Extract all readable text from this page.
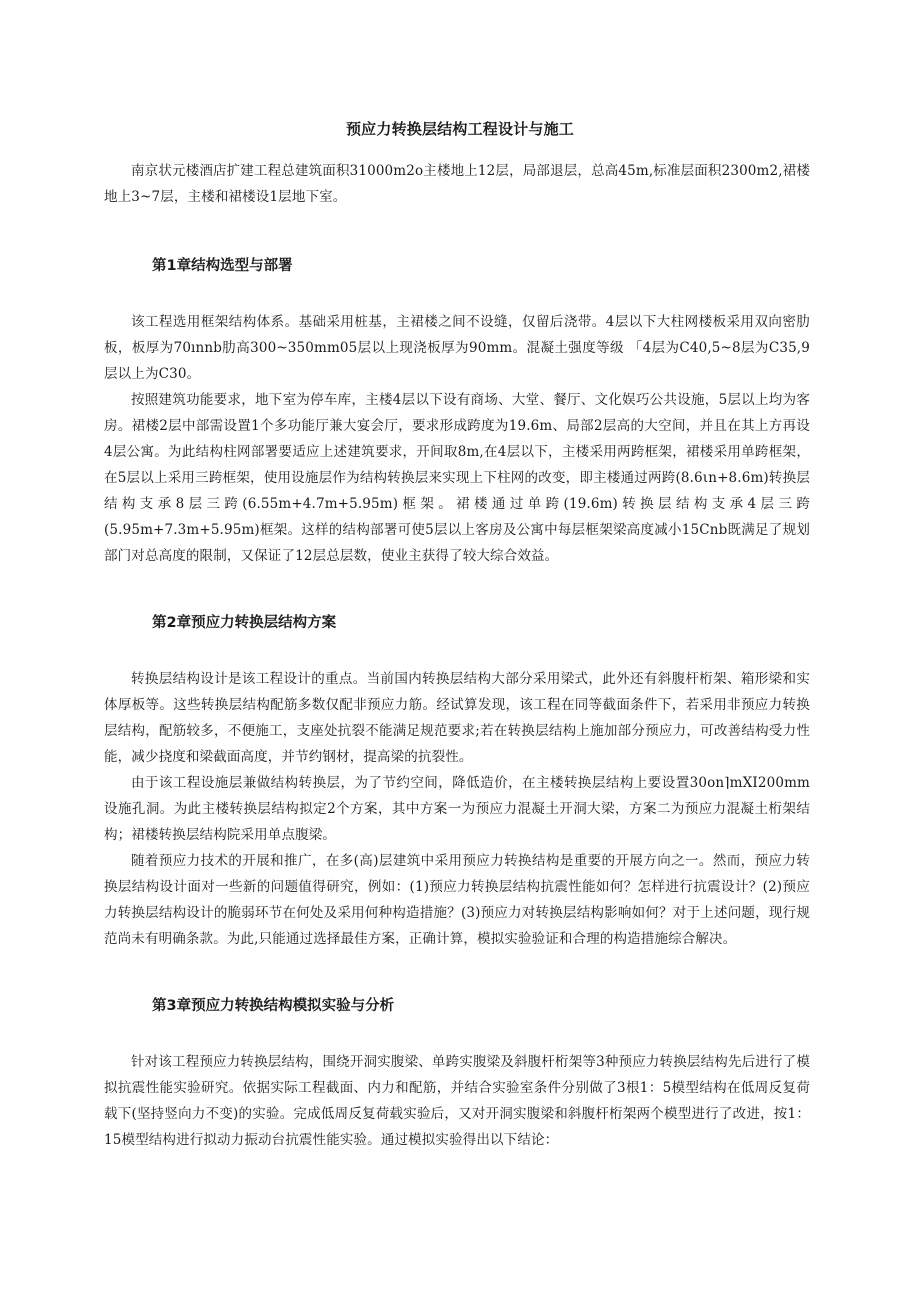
预应力转换层结构工程设计与施工

南京状元楼酒店扩建工程总建筑面积31000m2o主楼地上12层，局部退层，总高45m,标准层面积2300m2,裙楼地上3~7层，主楼和裙楼设1层地下室。

第1章结构选型与部署

该工程选用框架结构体系。基础采用桩基，主裙楼之间不设缝，仅留后浇带。4层以下大柱网楼板采用双向密肋板，板厚为70ınnb肋高300~350mm05层以上现浇板厚为90mm。混凝土强度等级 「4层为C40,5~8层为C35,9层以上为C30。

按照建筑功能要求，地下室为停车库，主楼4层以下设有商场、大堂、餐厅、文化娱巧公共设施，5层以上均为客房。裙楼2层中部需设置1个多功能厅兼大宴会厅，要求形成跨度为19.6m、局部2层高的大空间，并且在其上方再设4层公寓。为此结构柱网部署要适应上述建筑要求，开间取8m,在4层以下，主楼采用两跨框架，裙楼采用单跨框架，在5层以上采用三跨框架，使用设施层作为结构转换层来实现上下柱网的改变，即主楼通过两跨(8.6ιn+8.6m)转换层结构支承8层三跨(6.55m+4.7m+5.95m)框架。裙楼通过单跨(19.6m)转换层结构支承4层三跨(5.95m+7.3m+5.95m)框架。这样的结构部署可使5层以上客房及公寓中每层框架梁高度减小15Cnb既满足了规划部门对总高度的限制，又保证了12层总层数，使业主获得了较大综合效益。

第2章预应力转换层结构方案

转换层结构设计是该工程设计的重点。当前国内转换层结构大部分采用梁式，此外还有斜腹杆桁架、箱形梁和实体厚板等。这些转换层结构配筋多数仅配非预应力筋。经试算发现，该工程在同等截面条件下，若采用非预应力转换层结构，配筋较多，不便施工，支座处抗裂不能满足规范要求;若在转换层结构上施加部分预应力，可改善结构受力性能，减少挠度和梁截面高度，并节约钢材，提高梁的抗裂性。

由于该工程设施层兼做结构转换层，为了节约空间，降低造价，在主楼转换层结构上要设置30on⌉mXI200mm设施孔洞。为此主楼转换层结构拟定2个方案，其中方案一为预应力混凝土开洞大梁，方案二为预应力混凝土桁架结构；裙楼转换层结构院采用单点腹梁。

随着预应力技术的开展和推广，在多(高)层建筑中采用预应力转换结构是重要的开展方向之一。然而，预应力转换层结构设计面对一些新的问题值得研究，例如：(1)预应力转换层结构抗震性能如何？怎样进行抗震设计？(2)预应力转换层结构设计的脆弱环节在何处及采用何种构造措施？(3)预应力对转换层结构影响如何？对于上述问题，现行规范尚未有明确条款。为此,只能通过选择最佳方案，正确计算，模拟实验验证和合理的构造措施综合解决。

第3章预应力转换结构模拟实验与分析

针对该工程预应力转换层结构，围绕开洞实腹梁、单跨实腹梁及斜腹杆桁架等3种预应力转换层结构先后进行了模拟抗震性能实验研究。依据实际工程截面、内力和配筋，并结合实验室条件分别做了3根1：5模型结构在低周反复荷载下(坚持竖向力不变)的实验。完成低周反复荷载实验后，又对开洞实腹梁和斜腹杆桁架两个模型进行了改进，按1：15模型结构进行拟动力振动台抗震性能实验。通过模拟实验得出以下结论：
